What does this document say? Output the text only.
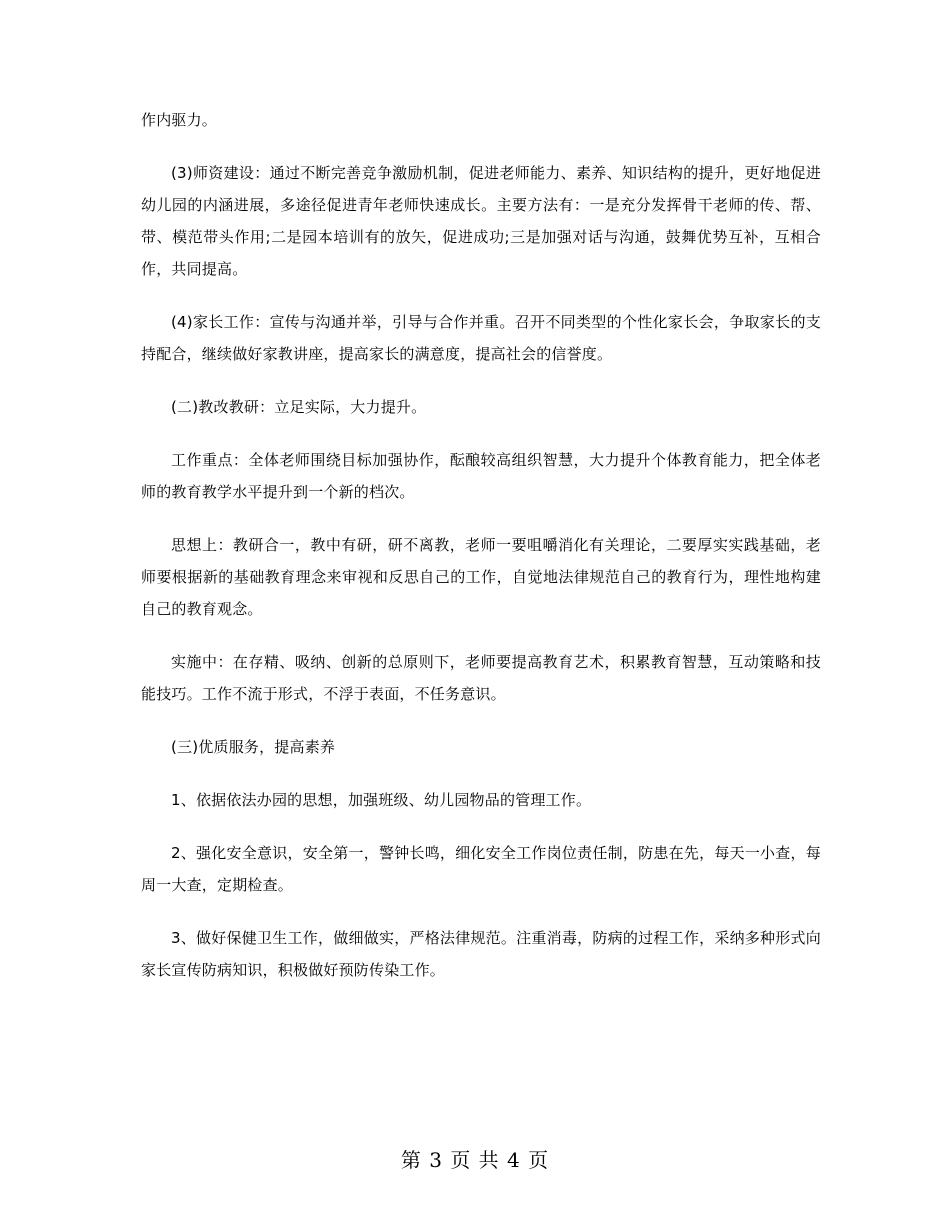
作内驱力。

(3)师资建设：通过不断完善竞争激励机制，促进老师能力、素养、知识结构的提升，更好地促进幼儿园的内涵进展，多途径促进青年老师快速成长。主要方法有：一是充分发挥骨干老师的传、帮、带、模范带头作用;二是园本培训有的放矢，促进成功;三是加强对话与沟通，鼓舞优势互补，互相合作，共同提高。

(4)家长工作：宣传与沟通并举，引导与合作并重。召开不同类型的个性化家长会，争取家长的支持配合，继续做好家教讲座，提高家长的满意度，提高社会的信誉度。

(二)教改教研：立足实际，大力提升。

工作重点：全体老师围绕目标加强协作，酝酿较高组织智慧，大力提升个体教育能力，把全体老师的教育教学水平提升到一个新的档次。

思想上：教研合一，教中有研，研不离教，老师一要咀嚼消化有关理论，二要厚实实践基础，老师要根据新的基础教育理念来审视和反思自己的工作，自觉地法律规范自己的教育行为，理性地构建自己的教育观念。

实施中：在存精、吸纳、创新的总原则下，老师要提高教育艺术，积累教育智慧，互动策略和技能技巧。工作不流于形式，不浮于表面，不任务意识。

(三)优质服务，提高素养

1、依据依法办园的思想，加强班级、幼儿园物品的管理工作。

2、强化安全意识，安全第一，警钟长鸣，细化安全工作岗位责任制，防患在先，每天一小查，每周一大查，定期检查。

3、做好保健卫生工作，做细做实，严格法律规范。注重消毒，防病的过程工作，采纳多种形式向家长宣传防病知识，积极做好预防传染工作。

第 3 页 共 4 页
